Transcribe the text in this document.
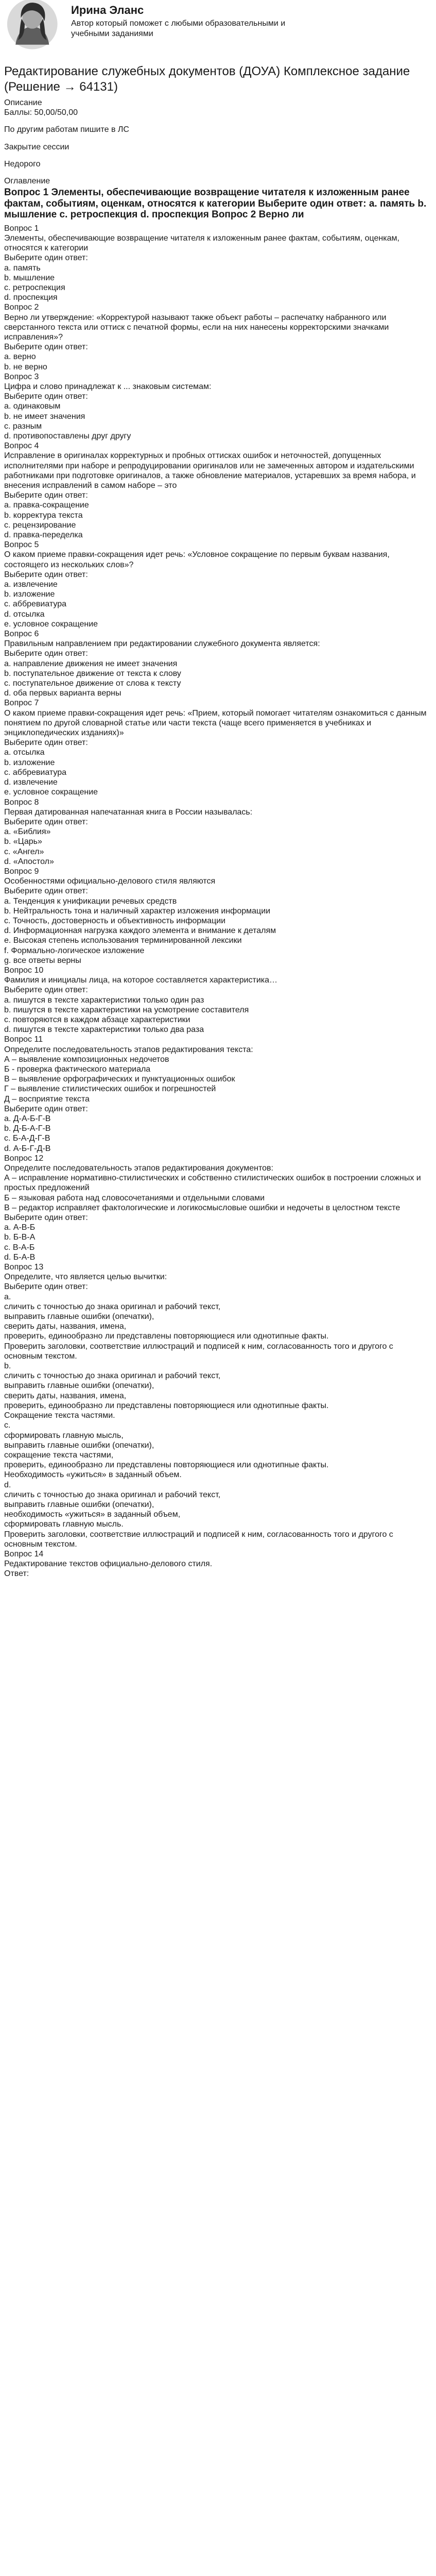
Ирина Эланс
Автор который поможет с любыми образовательными и учебными заданиями
Редактирование служебных документов (ДОУА) Комплексное задание (Решение → 64131)

Описание

Баллы: 50,00/50,00

По другим работам пишите в ЛС

Закрытие сессии

Недорого

Оглавление

Вопрос 1 Элементы, обеспечивающие возвращение читателя к изложенным ранее фактам, событиям, оценкам, относятся к категории Выберите один ответ: a. память b. мышление c. ретроспекция d. проспекция Вопрос 2 Верно ли

Вопрос 1

Элементы, обеспечивающие возвращение читателя к изложенным ранее фактам, событиям, оценкам, относятся к категории

Выберите один ответ:

a. память

b. мышление

c. ретроспекция

d. проспекция

Вопрос 2

Верно ли утверждение: «Корректурой называют также объект работы – распечатку набранного или сверстанного текста или оттиск с печатной формы, если на них нанесены корректорскими значками исправления»?

Выберите один ответ:

a. верно

b. не верно

Вопрос 3

Цифра и слово принадлежат к ... знаковым системам:

Выберите один ответ:

a. одинаковым

b. не имеет значения

c. разным

d. противопоставлены друг другу

Вопрос 4

Исправление в оригиналах корректурных и пробных оттисках ошибок и неточностей, допущенных исполнителями при наборе и репродуцировании оригиналов или не замеченных автором и издательскими работниками при подготовке оригиналов, а также обновление материалов, устаревших за время набора, и внесения исправлений в самом наборе – это

Выберите один ответ:

a. правка-сокращение

b. корректура текста

c. рецензирование

d. правка-переделка

Вопрос 5

О каком приеме правки-сокращения идет речь: «Условное сокращение по первым буквам названия, состоящего из нескольких слов»?

Выберите один ответ:

a. извлечение

b. изложение

c. аббревиатура

d. отсылка

e. условное сокращение

Вопрос 6

Правильным направлением при редактировании служебного документа является:

Выберите один ответ:

a. направление движения не имеет значения

b. поступательное движение от текста к слову

c. поступательное движение от слова к тексту

d. оба первых варианта верны

Вопрос 7

О каком приеме правки-сокращения идет речь: «Прием, который помогает читателям ознакомиться с данным понятием по другой словарной статье или части текста (чаще всего применяется в учебниках и энциклопедических изданиях)»

Выберите один ответ:

a. отсылка

b. изложение

c. аббревиатура

d. извлечение

e. условное сокращение

Вопрос 8

Первая датированная напечатанная книга в России называлась:

Выберите один ответ:

a. «Библия»

b. «Царь»

c. «Ангел»

d. «Апостол»

Вопрос 9

Особенностями официально-делового стиля являются

Выберите один ответ:

a. Тенденция к унификации речевых средств

b. Нейтральность тона и наличный характер изложения информации

c. Точность, достоверность и объективность информации

d. Информационная нагрузка каждого элемента и внимание к деталям

e. Высокая степень использования терминированной лексики

f. Формально-логическое изложение

g. все ответы верны

Вопрос 10

Фамилия и инициалы лица, на которое составляется характеристика…

Выберите один ответ:

a. пишутся в тексте характеристики только один раз

b. пишутся в тексте характеристики на усмотрение составителя

c. повторяются в каждом абзаце характеристики

d. пишутся в тексте характеристики только два раза

Вопрос 11

Определите последовательность этапов редактирования текста:

А – выявление композиционных недочетов

Б - проверка фактического материала

В – выявление орфографических и пунктуационных ошибок

Г – выявление стилистических ошибок и погрешностей

Д – восприятие текста

Выберите один ответ:

a. Д-А-Б-Г-В

b. Д-Б-А-Г-В

c. Б-А-Д-Г-В

d. А-Б-Г-Д-В

Вопрос 12

Определите последовательность этапов редактирования документов:

А – исправление нормативно-стилистических и собственно стилистических ошибок в построении сложных и простых предложений

Б – языковая работа над словосочетаниями и отдельными словами

В – редактор исправляет фактологические и логикосмысловые ошибки и недочеты в целостном тексте

Выберите один ответ:

a. А-В-Б

b. Б-В-А

c. В-А-Б

d. Б-А-В

Вопрос 13

Определите, что является целью вычитки:

Выберите один ответ:

a.

сличить с точностью до знака оригинал и рабочий текст,

выправить главные ошибки (опечатки),

сверить даты, названия, имена,

проверить, единообразно ли представлены повторяющиеся или однотипные факты.

Проверить заголовки, соответствие иллюстраций и подписей к ним, согласованность того и другого с основным текстом.

b.

сличить с точностью до знака оригинал и рабочий текст,

выправить главные ошибки (опечатки),

сверить даты, названия, имена,

проверить, единообразно ли представлены повторяющиеся или однотипные факты.

Сокращение текста частями.

c.

сформировать главную мысль,

выправить главные ошибки (опечатки),

сокращение текста частями,

проверить, единообразно ли представлены повторяющиеся или однотипные факты.

Необходимость «ужиться» в заданный объем.

d.

сличить с точностью до знака оригинал и рабочий текст,

выправить главные ошибки (опечатки),

необходимость «ужиться» в заданный объем,

сформировать главную мысль.

Проверить заголовки, соответствие иллюстраций и подписей к ним, согласованность того и другого с основным текстом.

Вопрос 14

Редактирование текстов официально-делового стиля.

Ответ:
